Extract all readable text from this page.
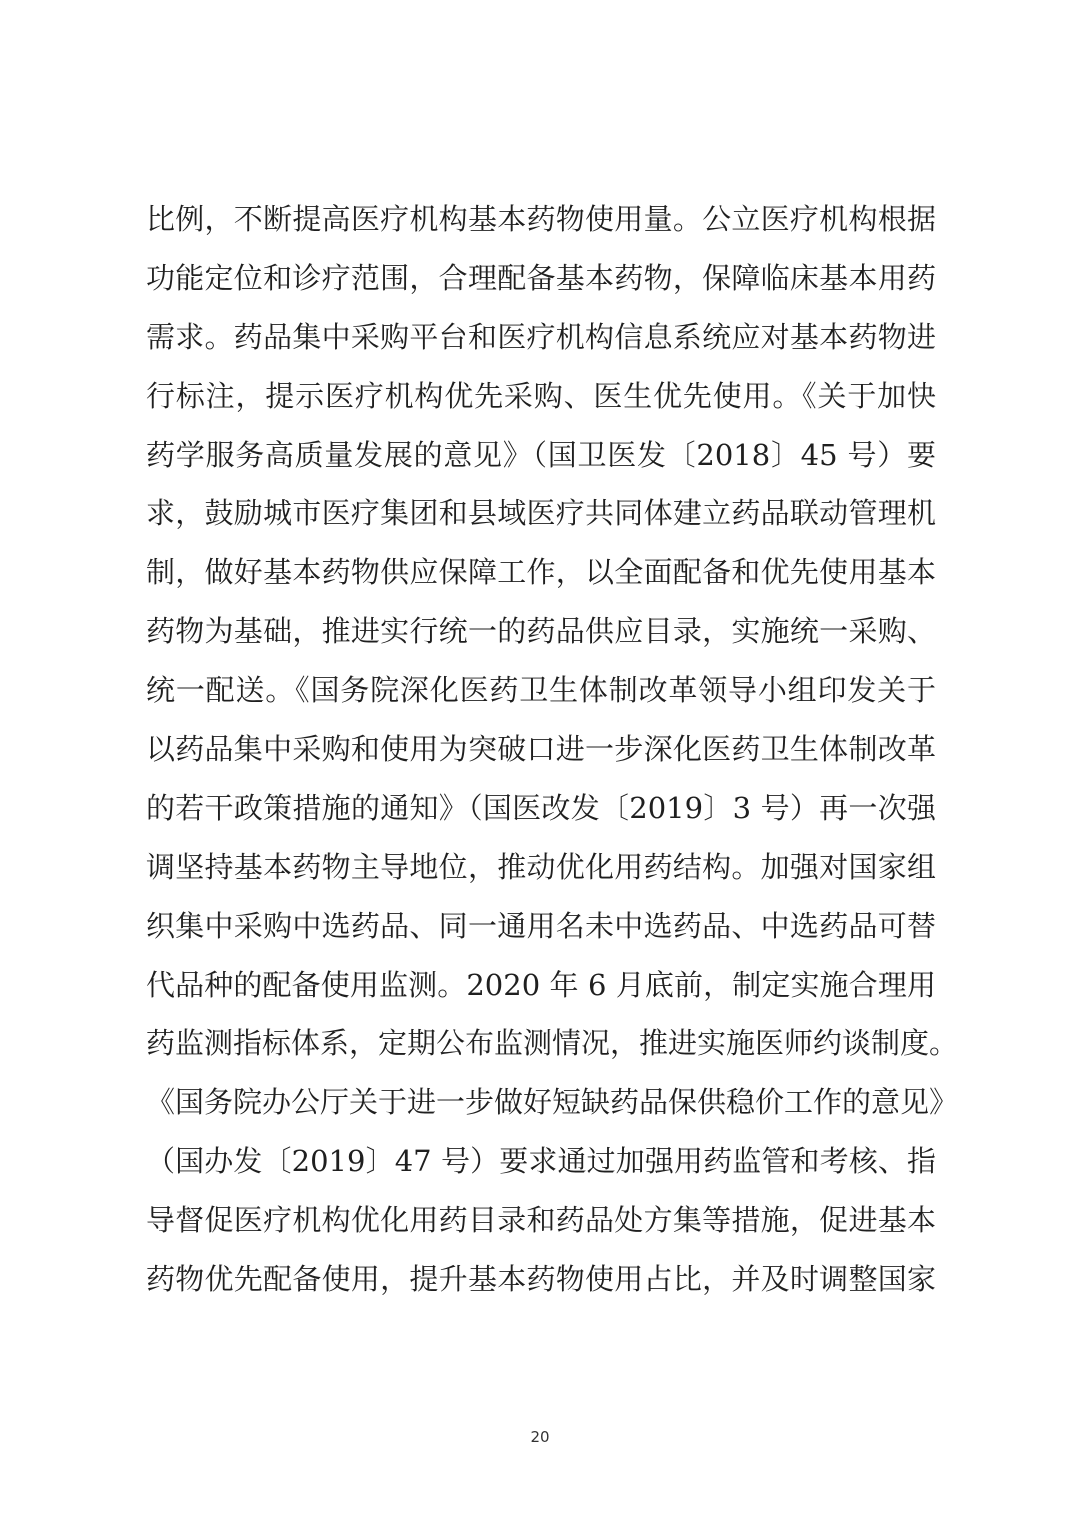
比例，不断提高医疗机构基本药物使用量。公立医疗机构根据
功能定位和诊疗范围，合理配备基本药物，保障临床基本用药
需求。药品集中采购平台和医疗机构信息系统应对基本药物进
行标注，提示医疗机构优先采购、医生优先使用。《关于加快
药学服务高质量发展的意见》（国卫医发〔2018〕45 号）要
求，鼓励城市医疗集团和县域医疗共同体建立药品联动管理机
制，做好基本药物供应保障工作，以全面配备和优先使用基本
药物为基础，推进实行统一的药品供应目录，实施统一采购、
统一配送。《国务院深化医药卫生体制改革领导小组印发关于
以药品集中采购和使用为突破口进一步深化医药卫生体制改革
的若干政策措施的通知》（国医改发〔2019〕3 号）再一次强
调坚持基本药物主导地位，推动优化用药结构。加强对国家组
织集中采购中选药品、同一通用名未中选药品、中选药品可替
代品种的配备使用监测。2020 年 6 月底前，制定实施合理用
药监测指标体系，定期公布监测情况，推进实施医师约谈制度。
《国务院办公厅关于进一步做好短缺药品保供稳价工作的意见》
（国办发〔2019〕47 号）要求通过加强用药监管和考核、指
导督促医疗机构优化用药目录和药品处方集等措施，促进基本
药物优先配备使用，提升基本药物使用占比，并及时调整国家
20
